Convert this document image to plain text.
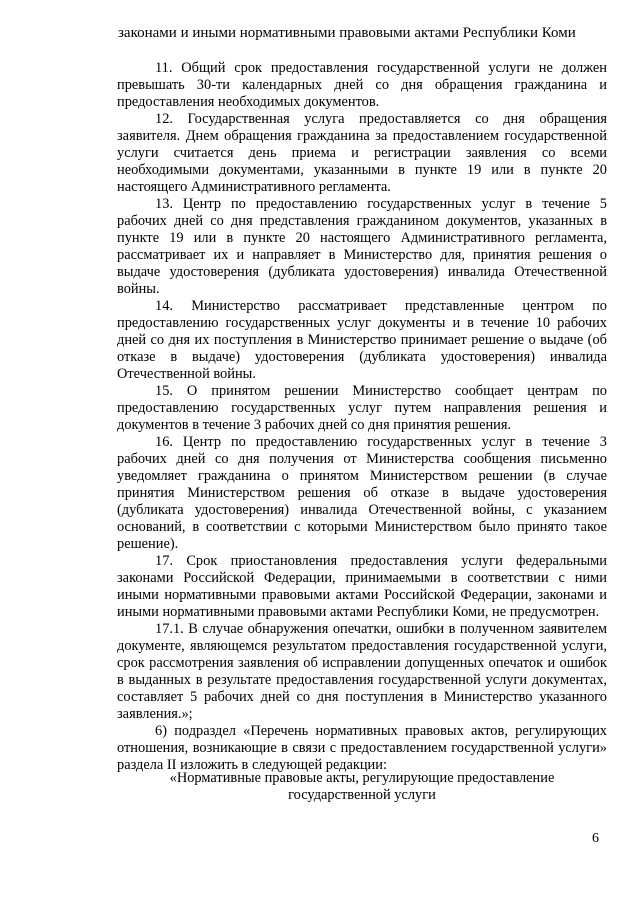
законами и иными нормативными правовыми актами Республики Коми

11. Общий срок предоставления государственной услуги не должен превышать 30-ти календарных дней со дня обращения гражданина и предоставления необходимых документов.

12. Государственная услуга предоставляется со дня обращения заявителя. Днем обращения гражданина за предоставлением государственной услуги считается день приема и регистрации заявления со всеми необходимыми документами, указанными в пункте 19 или в пункте 20 настоящего Административного регламента.

13. Центр по предоставлению государственных услуг в течение 5 рабочих дней со дня представления гражданином документов, указанных в пункте 19 или в пункте 20 настоящего Административного регламента, рассматривает их и направляет в Министерство для, принятия решения о выдаче удостоверения (дубликата удостоверения) инвалида Отечественной войны.

14. Министерство рассматривает представленные центром по предоставлению государственных услуг документы и в течение 10 рабочих дней со дня их поступления в Министерство принимает решение о выдаче (об отказе в выдаче) удостоверения (дубликата удостоверения) инвалида Отечественной войны.

15. О принятом решении Министерство сообщает центрам по предоставлению государственных услуг путем направления решения и документов в течение 3 рабочих дней со дня принятия решения.

16. Центр по предоставлению государственных услуг в течение 3 рабочих дней со дня получения от Министерства сообщения письменно уведомляет гражданина о принятом Министерством решении (в случае принятия Министерством решения об отказе в выдаче удостоверения (дубликата удостоверения) инвалида Отечественной войны, с указанием оснований, в соответствии с которыми Министерством было принято такое решение).

17. Срок приостановления предоставления услуги федеральными законами Российской Федерации, принимаемыми в соответствии с ними иными нормативными правовыми актами Российской Федерации, законами и иными нормативными правовыми актами Республики Коми, не предусмотрен.

17.1. В случае обнаружения опечатки, ошибки в полученном заявителем документе, являющемся результатом предоставления государственной услуги, срок рассмотрения заявления об исправлении допущенных опечаток и ошибок в выданных в результате предоставления государственной услуги документах, составляет 5 рабочих дней со дня поступления в Министерство указанного заявления.»;

6) подраздел «Перечень нормативных правовых актов, регулирующих отношения, возникающие в связи с предоставлением государственной услуги» раздела II изложить в следующей редакции:

«Нормативные правовые акты, регулирующие предоставление
государственной услуги
6
